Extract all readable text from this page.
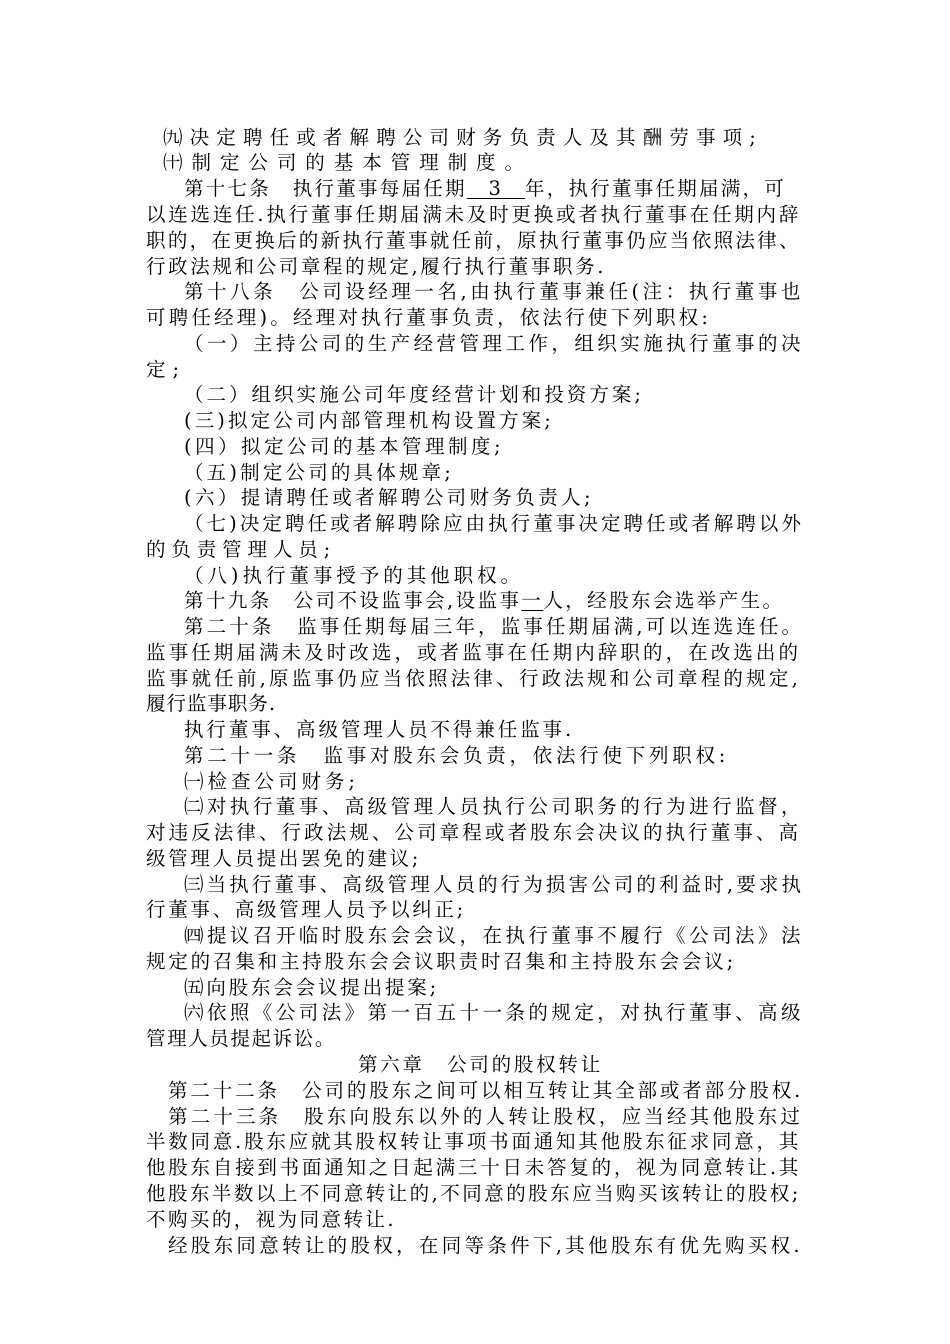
㈨决定聘任或者解聘公司财务负责人及其酬劳事项;
㈩制定公司的基本管理制度。
第十七条　执行董事每届任期　3　年，执行董事任期届满，可
以连选连任.执行董事任期届满未及时更换或者执行董事在任期内辞
职的，在更换后的新执行董事就任前，原执行董事仍应当依照法律、
行政法规和公司章程的规定,履行执行董事职务.
第十八条　公司设经理一名,由执行董事兼任(注：执行董事也
可聘任经理)。经理对执行董事负责，依法行使下列职权:
（一）主持公司的生产经营管理工作，组织实施执行董事的决
定;
（二）组织实施公司年度经营计划和投资方案;
(三)拟定公司内部管理机构设置方案;
(四）拟定公司的基本管理制度;
（五)制定公司的具体规章;
(六）提请聘任或者解聘公司财务负责人;
（七)决定聘任或者解聘除应由执行董事决定聘任或者解聘以外
的负责管理人员;
（八)执行董事授予的其他职权。
第十九条　公司不设监事会,设监事一人，经股东会选举产生。
第二十条　监事任期每届三年，监事任期届满,可以连选连任。
监事任期届满未及时改选，或者监事在任期内辞职的，在改选出的
监事就任前,原监事仍应当依照法律、行政法规和公司章程的规定,
履行监事职务.
执行董事、高级管理人员不得兼任监事.
第二十一条　监事对股东会负责，依法行使下列职权:
㈠检查公司财务;
㈡对执行董事、高级管理人员执行公司职务的行为进行监督，
对违反法律、行政法规、公司章程或者股东会决议的执行董事、高
级管理人员提出罢免的建议;
㈢当执行董事、高级管理人员的行为损害公司的利益时,要求执
行董事、高级管理人员予以纠正;
㈣提议召开临时股东会会议，在执行董事不履行《公司法》法
规定的召集和主持股东会会议职责时召集和主持股东会会议;
㈤向股东会会议提出提案;
㈥依照《公司法》第一百五十一条的规定，对执行董事、高级
管理人员提起诉讼。
第六章　公司的股权转让
第二十二条　公司的股东之间可以相互转让其全部或者部分股权.
第二十三条　股东向股东以外的人转让股权，应当经其他股东过
半数同意.股东应就其股权转让事项书面通知其他股东征求同意，其
他股东自接到书面通知之日起满三十日未答复的，视为同意转让.其
他股东半数以上不同意转让的,不同意的股东应当购买该转让的股权;
不购买的，视为同意转让.
经股东同意转让的股权，在同等条件下,其他股东有优先购买权.
